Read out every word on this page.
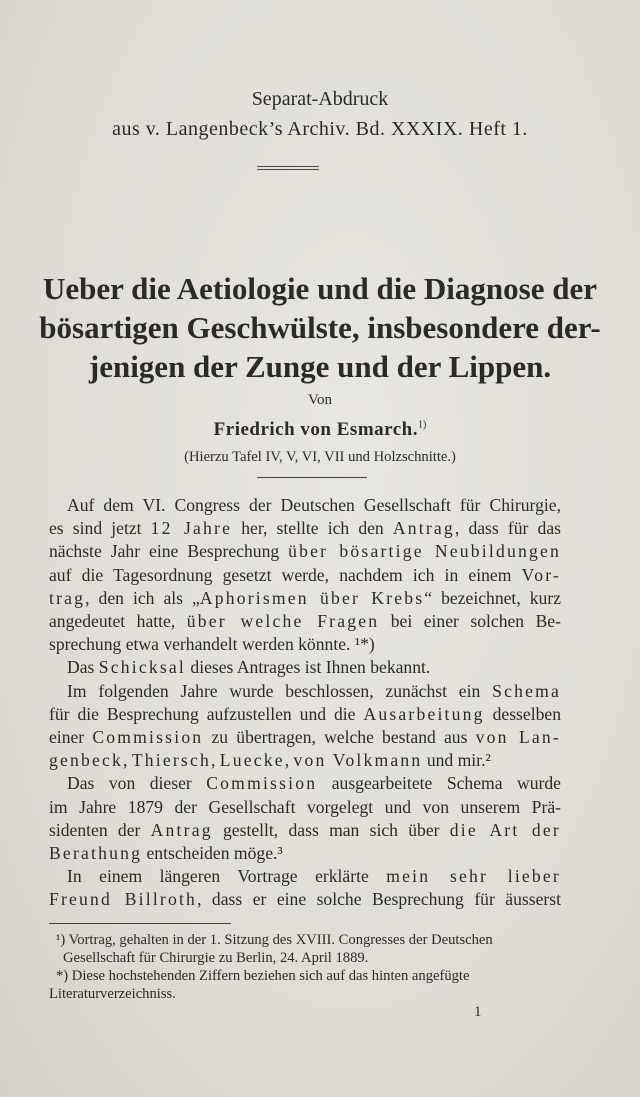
Separat-Abdruck
aus v. Langenbeck’s Archiv. Bd. XXXIX. Heft 1.
Ueber die Aetiologie und die Diagnose der
bösartigen Geschwülste, insbesondere der-
jenigen der Zunge und der Lippen.
Von
Friedrich von Esmarch.$^{1)}$
(Hierzu Tafel IV, V, VI, VII und Holzschnitte.)
Auf dem VI. Congress der Deutschen Gesellschaft für Chirurgie,
es sind jetzt 12 Jahre her, stellte ich den Antrag, dass für das
nächste Jahr eine Besprechung über bösartige Neubildungen
auf die Tagesordnung gesetzt werde, nachdem ich in einem Vor-
trag, den ich als „Aphorismen über Krebs“ bezeichnet, kurz
angedeutet hatte, über welche Fragen bei einer solchen Be-
sprechung etwa verhandelt werden könnte. ¹*)
Das Schicksal dieses Antrages ist Ihnen bekannt.
Im folgenden Jahre wurde beschlossen, zunächst ein Schema
für die Besprechung aufzustellen und die Ausarbeitung desselben
einer Commission zu übertragen, welche bestand aus von Lan-
genbeck, Thiersch, Luecke, von Volkmann und mir.²
Das von dieser Commission ausgearbeitete Schema wurde
im Jahre 1879 der Gesellschaft vorgelegt und von unserem Prä-
sidenten der Antrag gestellt, dass man sich über die Art der
Berathung entscheiden möge.³
In einem längeren Vortrage erklärte mein sehr lieber
Freund Billroth, dass er eine solche Besprechung für äusserst
¹) Vortrag, gehalten in der 1. Sitzung des XVIII. Congresses der Deutschen
Gesellschaft für Chirurgie zu Berlin, 24. April 1889.
*) Diese hochstehenden Ziffern beziehen sich auf das hinten angefügte
Literaturverzeichniss.
1
